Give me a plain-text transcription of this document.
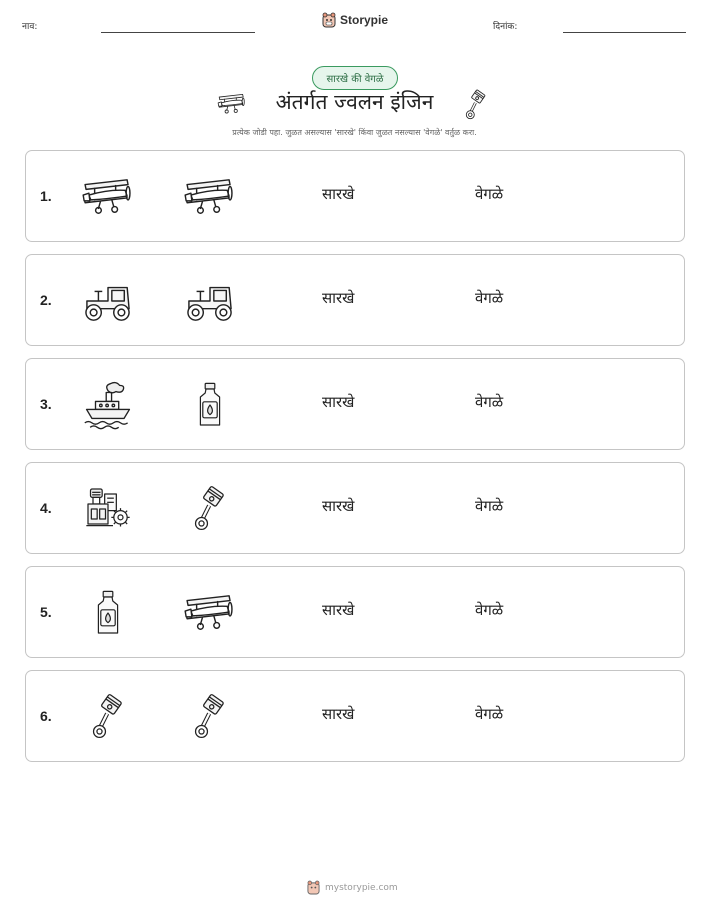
नाव:	Storypie	दिनांक:
सारखे की वेगळे
अंतर्गत ज्वलन इंजिन
प्रत्येक जोडी पहा. जुळत असल्यास 'सारखे' किंवा जुळत नसल्यास 'वेगळे' वर्तुळ करा.
1.	सारखे	वेगळे
2.	सारखे	वेगळे
3.	सारखे	वेगळे
4.	सारखे	वेगळे
5.	सारखे	वेगळे
6.	सारखे	वेगळे
mystorypie.com
